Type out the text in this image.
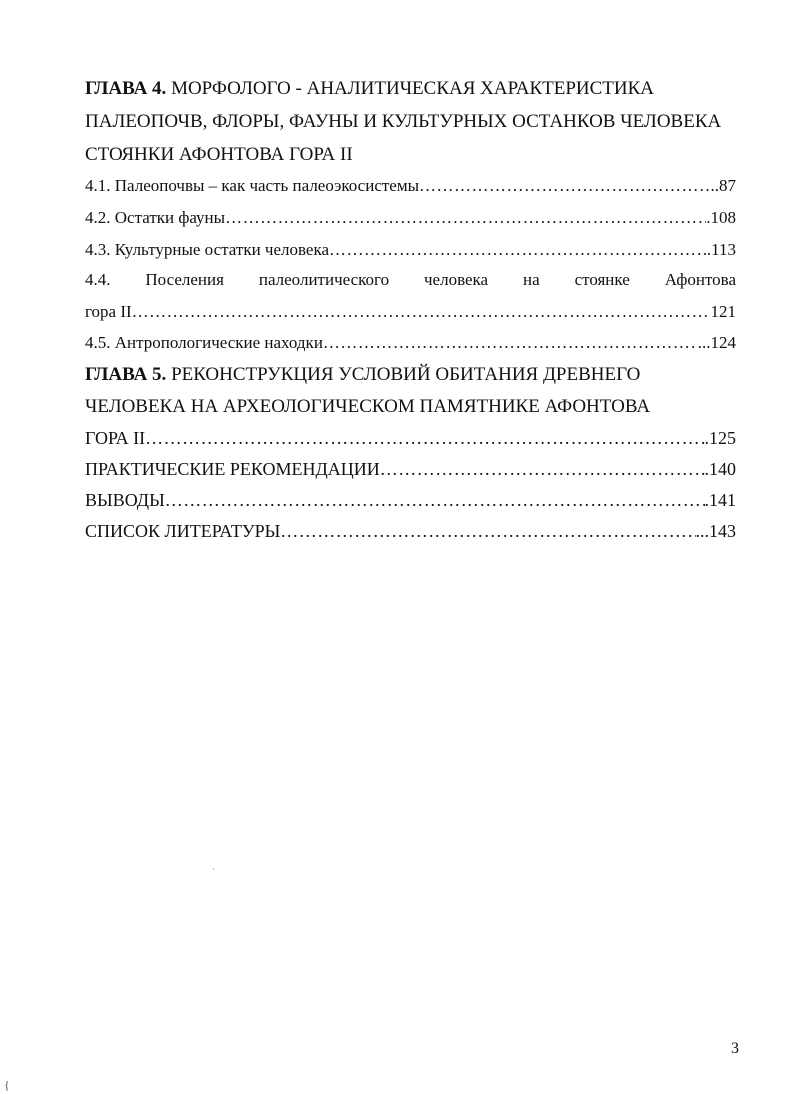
ГЛАВА 4. МОРФОЛОГО - АНАЛИТИЧЕСКАЯ ХАРАКТЕРИСТИКА
ПАЛЕОПОЧВ, ФЛОРЫ, ФАУНЫ И КУЛЬТУРНЫХ ОСТАНКОВ ЧЕЛОВЕКА
СТОЯНКИ АФОНТОВА ГОРА II
4.1. Палеопочвы – как часть палеоэкосистемы ……………………………………………………………………………………………………………………………………………………………………………	..87
4.2. Остатки фауны ……………………………………………………………………………………………………………………………………………………………………………	.108
4.3. Культурные остатки человека ……………………………………………………………………………………………………………………………………………………………………………	.113
4.4. Поселения палеолитического человека на стоянке Афонтова
гора II ……………………………………………………………………………………………………………………………………………………………………………	121
4.5. Антропологические находки ……………………………………………………………………………………………………………………………………………………………………………	...124
ГЛАВА 5. РЕКОНСТРУКЦИЯ УСЛОВИЙ ОБИТАНИЯ ДРЕВНЕГО
ЧЕЛОВЕКА НА АРХЕОЛОГИЧЕСКОМ ПАМЯТНИКЕ АФОНТОВА
ГОРА II ……………………………………………………………………………………………………………………………………………………………………………	.125
ПРАКТИЧЕСКИЕ РЕКОМЕНДАЦИИ ……………………………………………………………………………………………………………………………………………………………………………	.140
ВЫВОДЫ ……………………………………………………………………………………………………………………………………………………………………………	.141
СПИСОК ЛИТЕРАТУРЫ ……………………………………………………………………………………………………………………………………………………………………………	...143
`
{
3
